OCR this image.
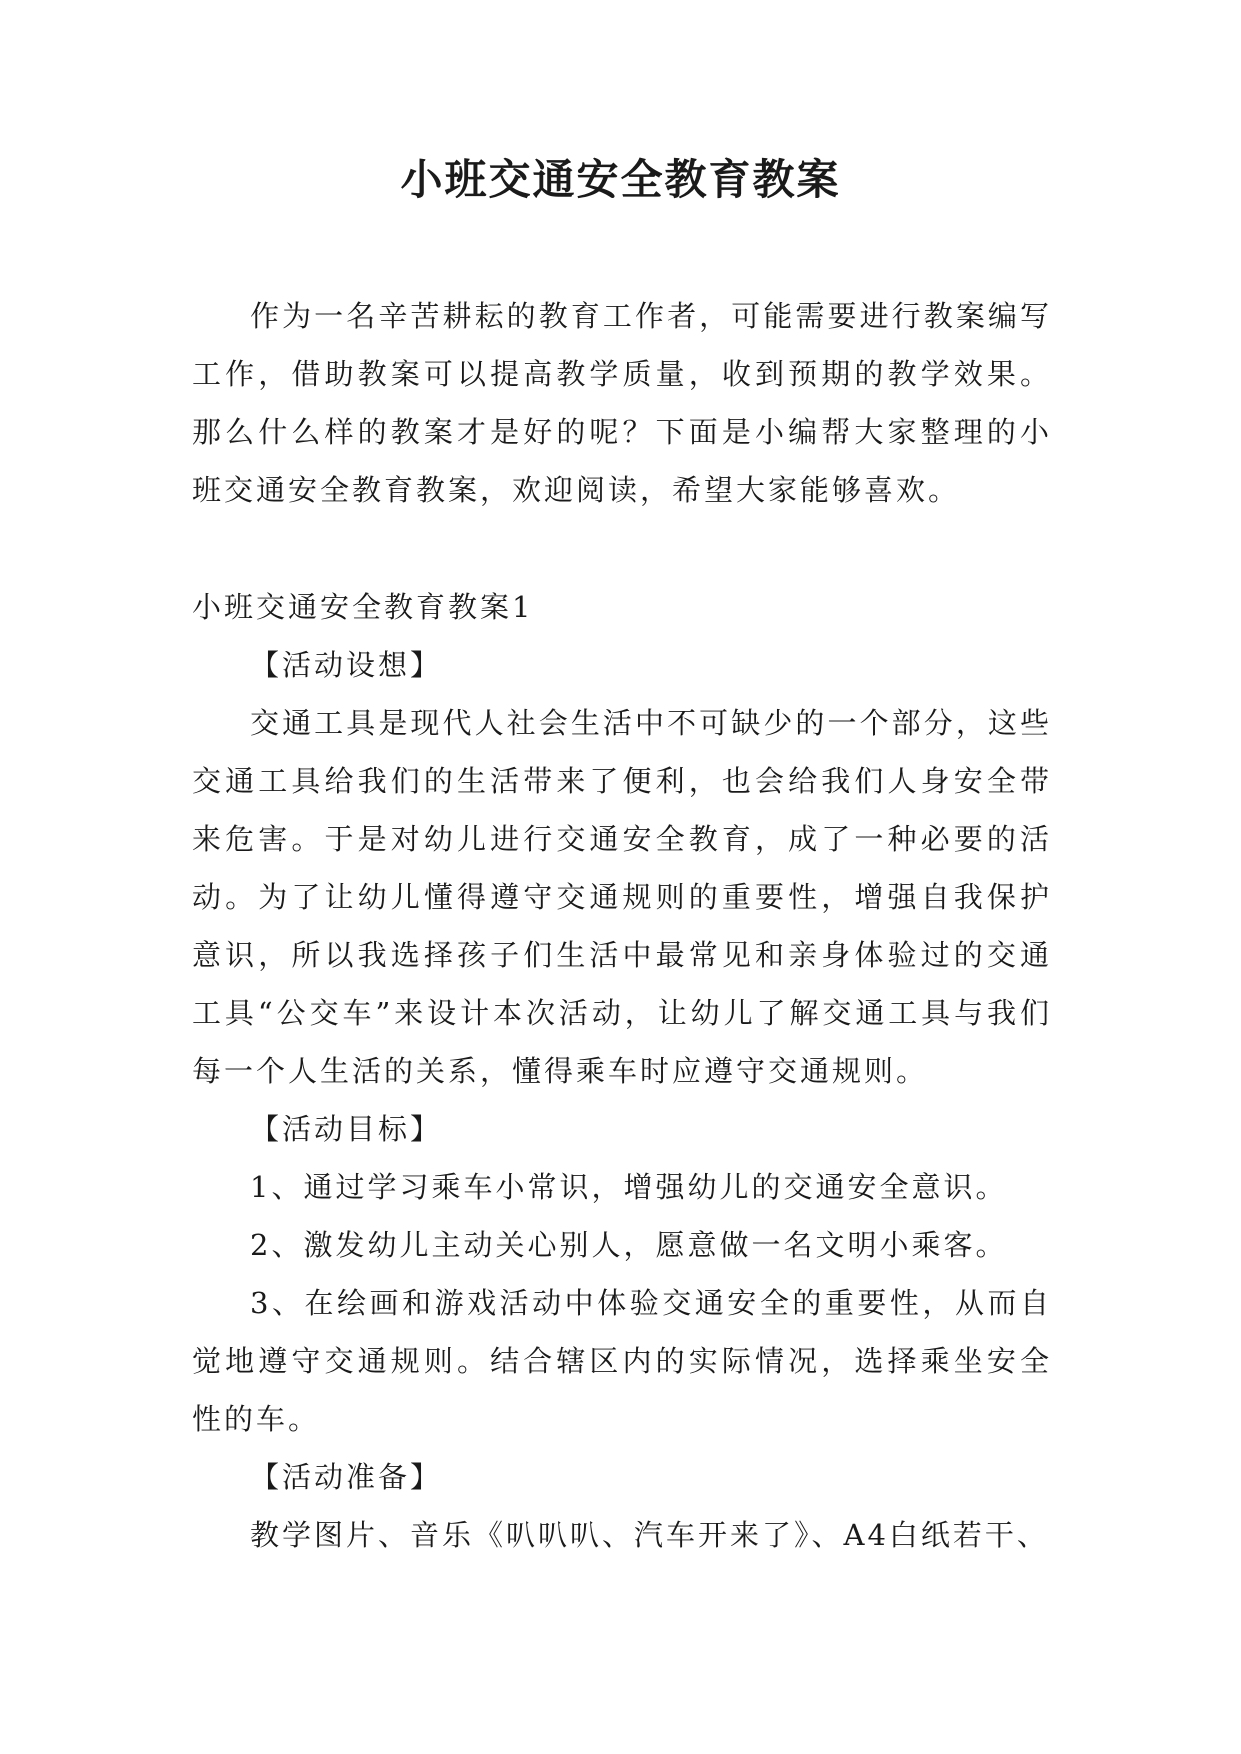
小班交通安全教育教案

作为一名辛苦耕耘的教育工作者，可能需要进行教案编写工作，借助教案可以提高教学质量，收到预期的教学效果。那么什么样的教案才是好的呢？下面是小编帮大家整理的小班交通安全教育教案，欢迎阅读，希望大家能够喜欢。

小班交通安全教育教案1

【活动设想】

交通工具是现代人社会生活中不可缺少的一个部分，这些交通工具给我们的生活带来了便利，也会给我们人身安全带来危害。于是对幼儿进行交通安全教育，成了一种必要的活动。为了让幼儿懂得遵守交通规则的重要性，增强自我保护意识，所以我选择孩子们生活中最常见和亲身体验过的交通工具“公交车”来设计本次活动，让幼儿了解交通工具与我们每一个人生活的关系，懂得乘车时应遵守交通规则。

【活动目标】

1、通过学习乘车小常识，增强幼儿的交通安全意识。

2、激发幼儿主动关心别人，愿意做一名文明小乘客。

3、在绘画和游戏活动中体验交通安全的重要性，从而自觉地遵守交通规则。结合辖区内的实际情况，选择乘坐安全性的车。

【活动准备】

教学图片、音乐《叭叭叭、汽车开来了》、A4白纸若干、
